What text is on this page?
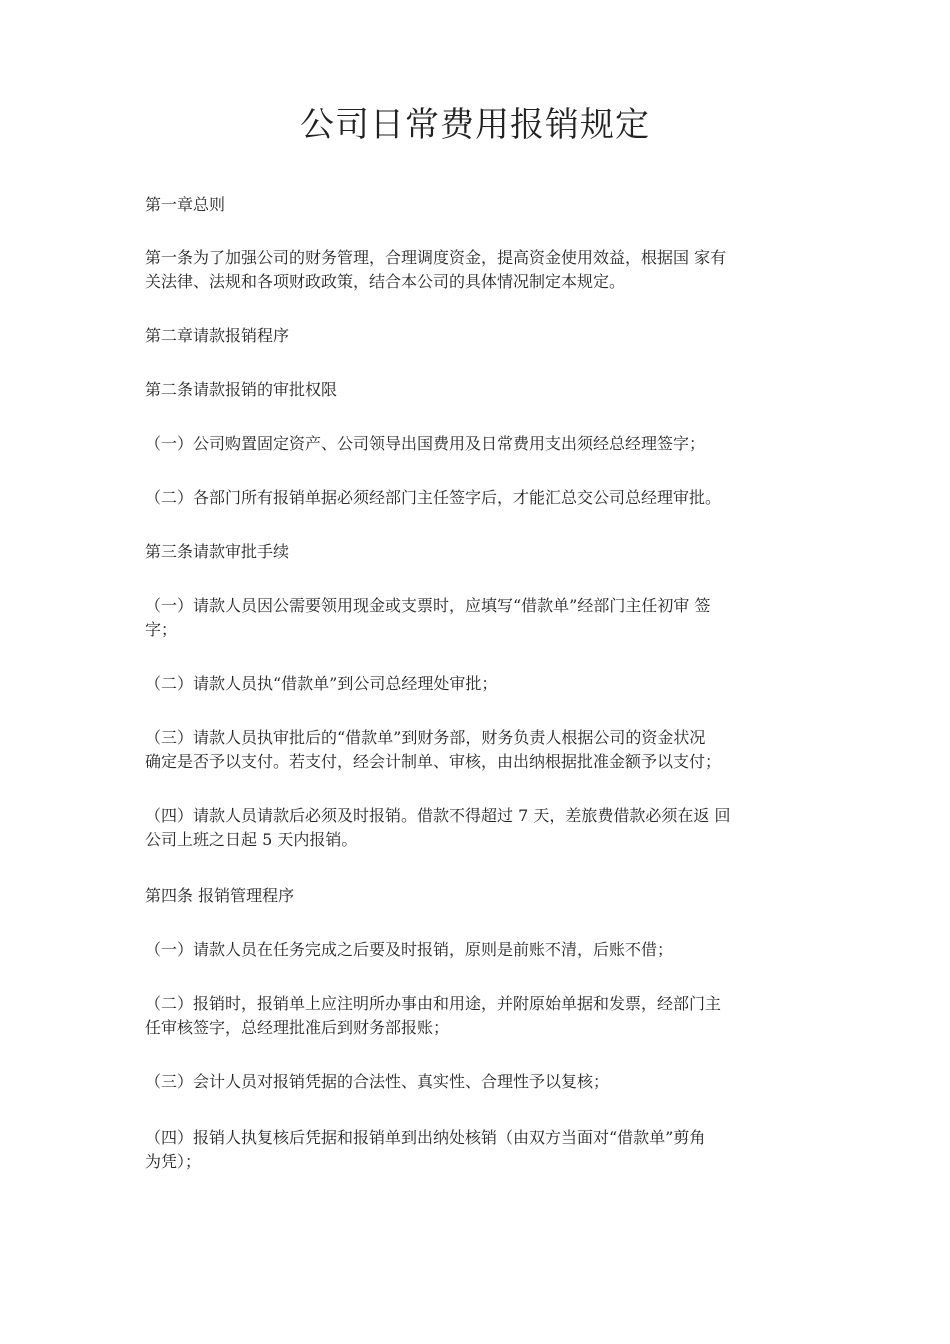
公司日常费用报销规定

第一章总则

第一条为了加强公司的财务管理，合理调度资金，提高资金使用效益，根据国 家有

关法律、法规和各项财政政策，结合本公司的具体情况制定本规定。

第二章请款报销程序

第二条请款报销的审批权限

（一）公司购置固定资产、公司领导出国费用及日常费用支出须经总经理签字；

（二）各部门所有报销单据必须经部门主任签字后，才能汇总交公司总经理审批。

第三条请款审批手续

（一）请款人员因公需要领用现金或支票时，应填写“借款单”经部门主任初审 签

字；

（二）请款人员执“借款单”到公司总经理处审批；

（三）请款人员执审批后的“借款单”到财务部，财务负责人根据公司的资金状况

确定是否予以支付。若支付，经会计制单、审核，由出纳根据批准金额予以支付；

（四）请款人员请款后必须及时报销。借款不得超过 7 天，差旅费借款必须在返 回

公司上班之日起 5 天内报销。

第四条 报销管理程序

（一）请款人员在任务完成之后要及时报销，原则是前账不清，后账不借；

（二）报销时，报销单上应注明所办事由和用途，并附原始单据和发票，经部门主

任审核签字，总经理批准后到财务部报账；

（三）会计人员对报销凭据的合法性、真实性、合理性予以复核；

（四）报销人执复核后凭据和报销单到出纳处核销（由双方当面对“借款单”剪角

为凭）；
